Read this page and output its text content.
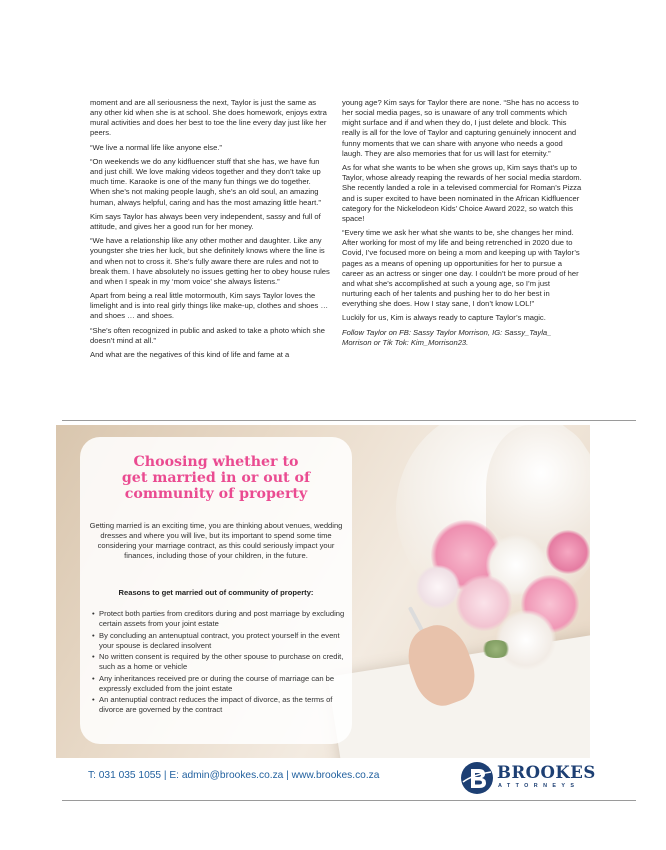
moment and are all seriousness the next, Taylor is just the same as any other kid when she is at school. She does homework, enjoys extra mural activities and does her best to toe the line every day just like her peers.

“We live a normal life like anyone else.”

“On weekends we do any kidfluencer stuff that she has, we have fun and just chill. We love making videos together and they don’t take up much time. Karaoke is one of the many fun things we do together. When she’s not making people laugh, she’s an old soul, an amazing human, always helpful, caring and has the most amazing little heart.”

Kim says Taylor has always been very independent, sassy and full of attitude, and gives her a good run for her money.

“We have a relationship like any other mother and daughter. Like any youngster she tries her luck, but she definitely knows where the line is and when not to cross it. She’s fully aware there are rules and not to break them. I have absolutely no issues getting her to obey house rules and when I speak in my ‘mom voice’ she always listens.”

Apart from being a real little motormouth, Kim says Taylor loves the limelight and is into real girly things like make-up, clothes and shoes … and shoes … and shoes.

“She’s often recognized in public and asked to take a photo which she doesn’t mind at all.”

And what are the negatives of this kind of life and fame at a

young age? Kim says for Taylor there are none. “She has no access to her social media pages, so is unaware of any troll comments which might surface and if and when they do, I just delete and block. This really is all for the love of Taylor and capturing genuinely innocent and funny moments that we can share with anyone who needs a good laugh. They are also memories that for us will last for eternity.”

As for what she wants to be when she grows up, Kim says that’s up to Taylor, whose already reaping the rewards of her social media stardom. She recently landed a role in a televised commercial for Roman’s Pizza and is super excited to have been nominated in the African Kidfluencer category for the Nickelodeon Kids’ Choice Award 2022, so watch this space!

“Every time we ask her what she wants to be, she changes her mind. After working for most of my life and being retrenched in 2020 due to Covid, I’ve focused more on being a mom and keeping up with Taylor’s pages as a means of opening up opportunities for her to pursue a career as an actress or singer one day. I couldn’t be more proud of her and what she’s accomplished at such a young age, so I’m just nurturing each of her talents and pushing her to do her best in everything she does. How I stay sane, I don’t know LOL!”

Luckily for us, Kim is always ready to capture Taylor’s magic.

Follow Taylor on FB: Sassy Taylor Morrison, IG: Sassy_Tayla_ Morrison or Tik Tok: Kim_Morrison23.

Choosing whether to
get married in or out of
community of property

Getting married is an exciting time, you are thinking about venues, wedding dresses and where you will live, but its important to spend some time considering your marriage contract, as this could seriously impact your finances, including those of your children, in the future.

Reasons to get married out of community of property:

• Protect both parties from creditors during and post marriage by excluding certain assets from your joint estate
• By concluding an antenuptual contract, you protect yourself in the event your spouse is declared insolvent
• No written consent is required by the other spouse to purchase on credit, such as a home or vehicle
• Any inheritances received pre or during the course of marriage can be expressly excluded from the joint estate
• An antenuptial contract reduces the impact of divorce, as the terms of divorce are governed by the contract

T: 031 035 1055 | E: admin@brookes.co.za | www.brookes.co.za	BROOKES
ATTORNEYS
